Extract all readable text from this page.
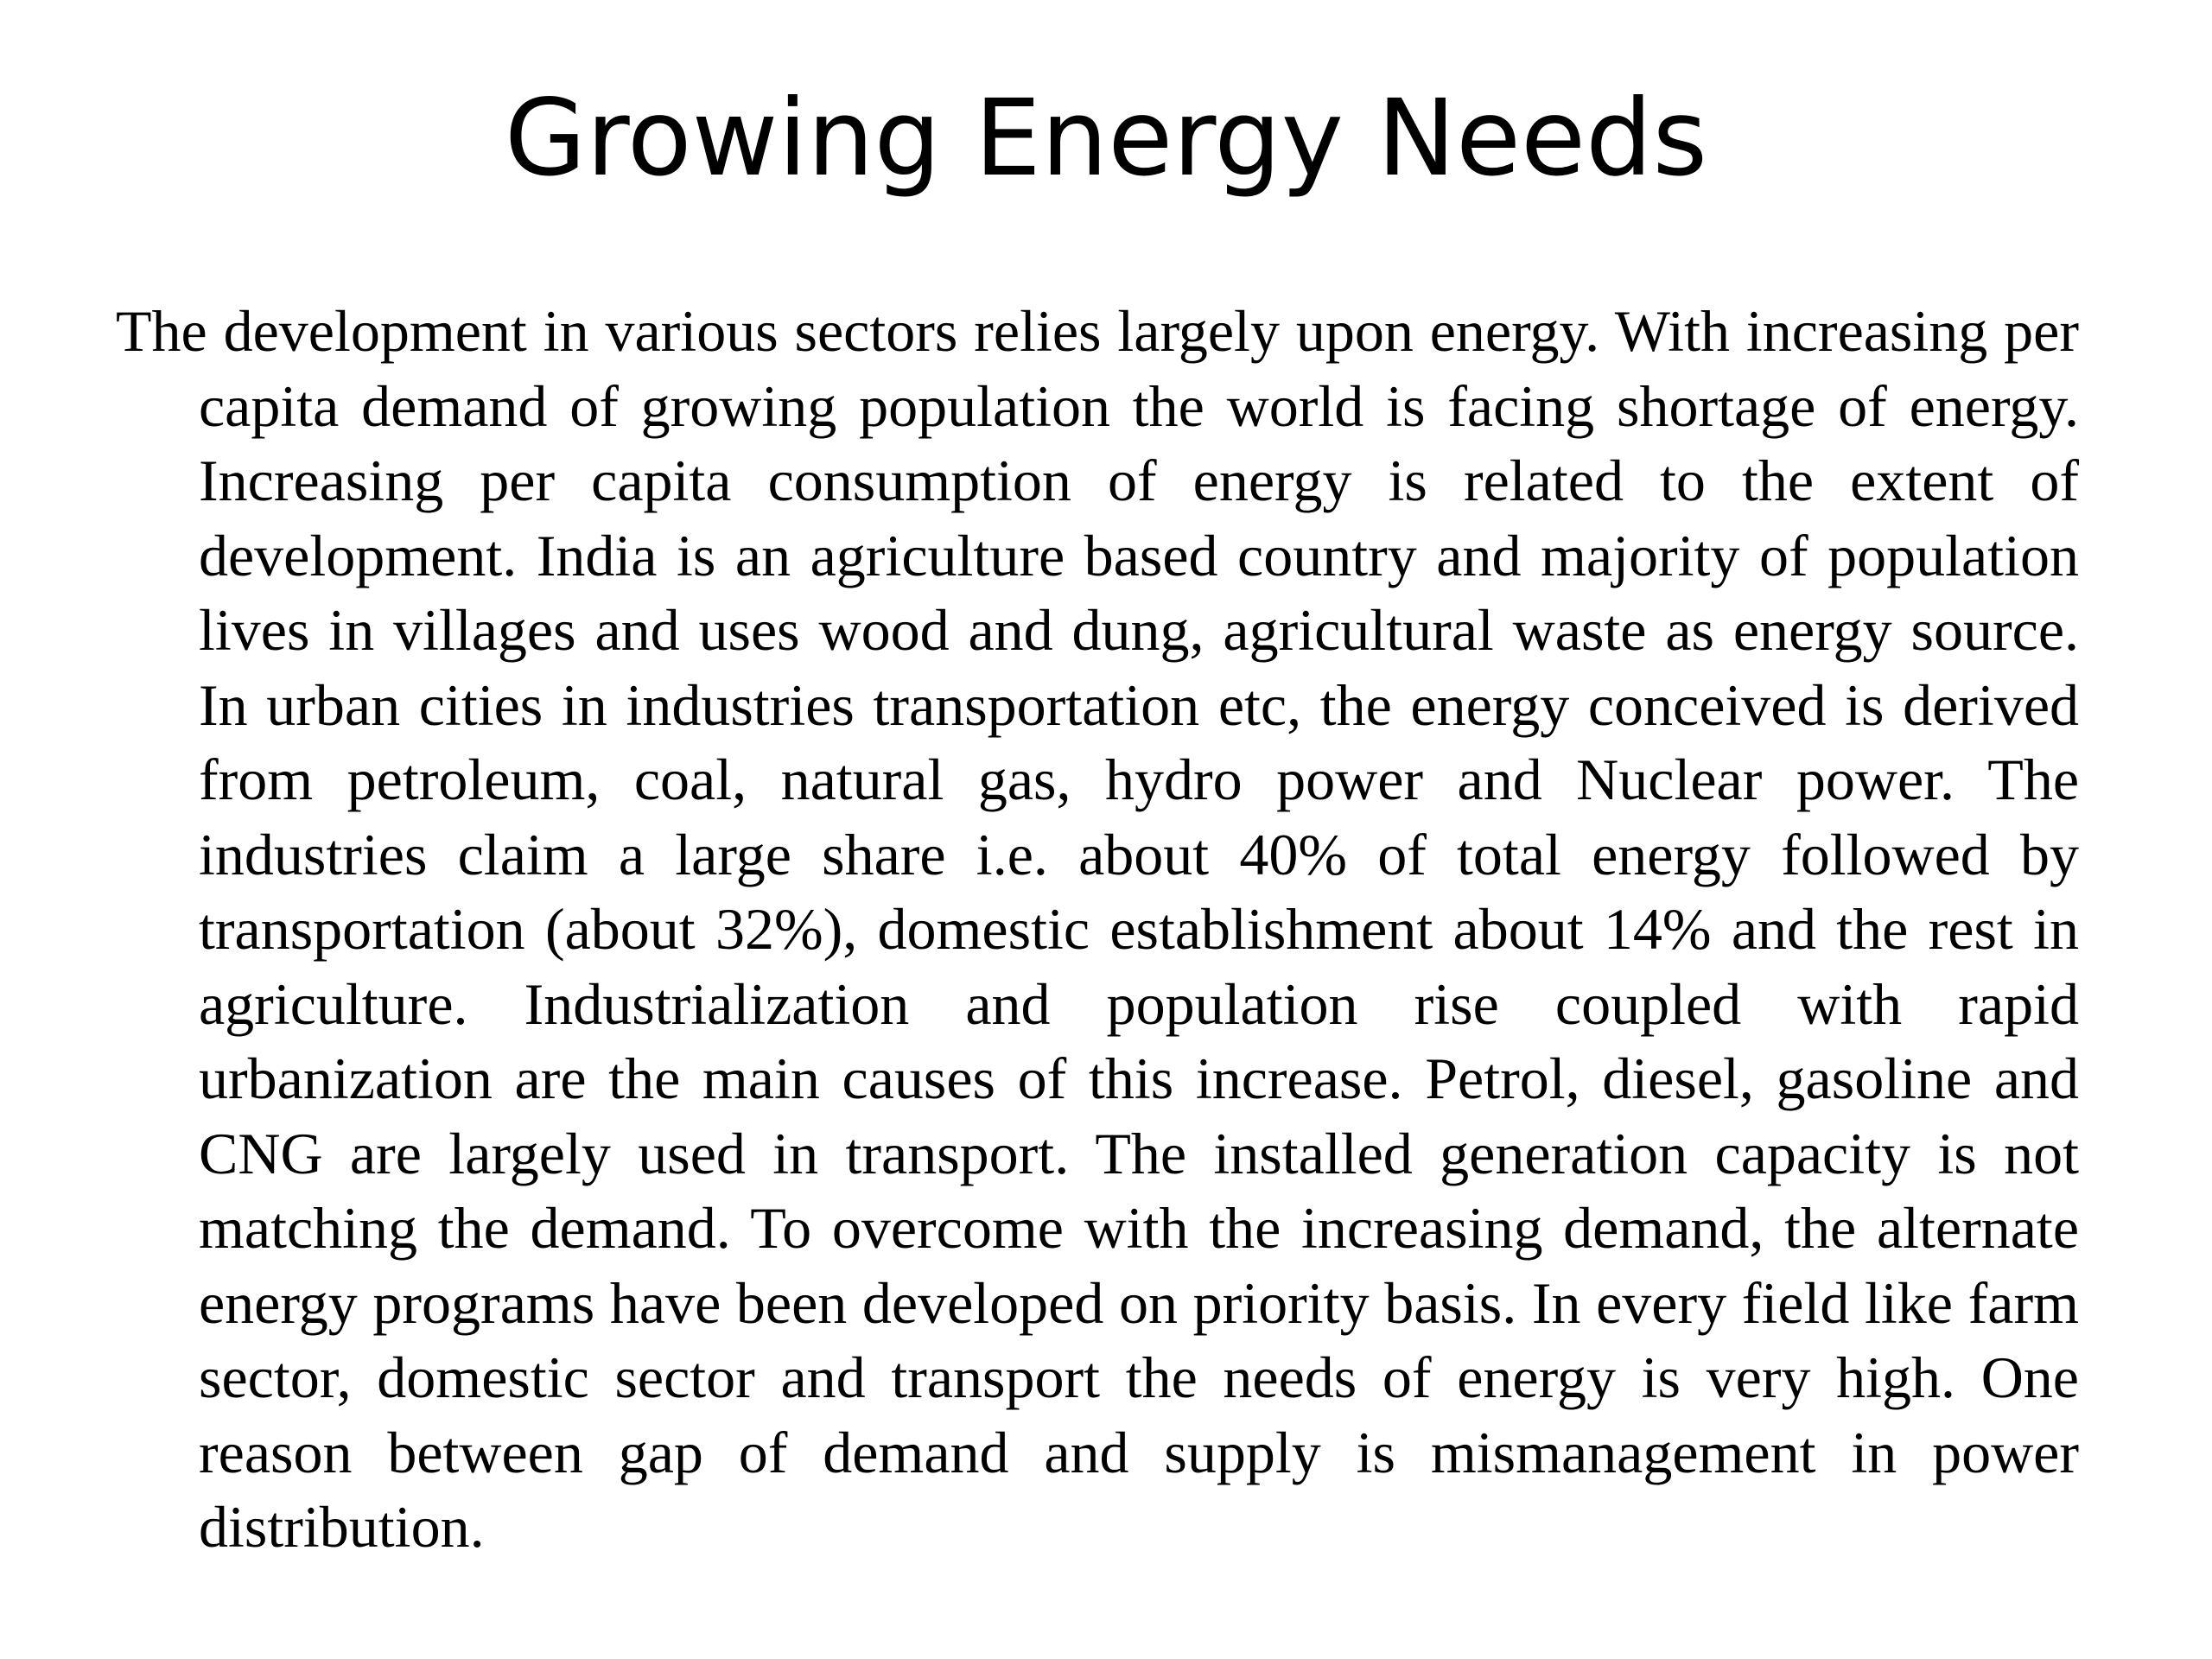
Growing Energy Needs

The development in various sectors relies largely upon energy. With increasing per capita demand of growing population the world is facing shortage of energy. Increasing per capita consumption of energy is related to the extent of development. India is an agriculture based country and majority of population lives in villages and uses wood and dung, agricultural waste as energy source. In urban cities in industries transportation etc, the energy conceived is derived from petroleum, coal, natural gas, hydro power and Nuclear power. The industries claim a large share i.e. about 40% of total energy followed by transportation (about 32%), domestic establishment about 14% and the rest in agriculture. Industrialization and population rise coupled with rapid urbanization are the main causes of this increase. Petrol, diesel, gasoline and CNG are largely used in transport. The installed generation capacity is not matching the demand. To overcome with the increasing demand, the alternate energy programs have been developed on priority basis. In every field like farm sector, domestic sector and transport the needs of energy is very high. One reason between gap of demand and supply is mismanagement in power distribution.
